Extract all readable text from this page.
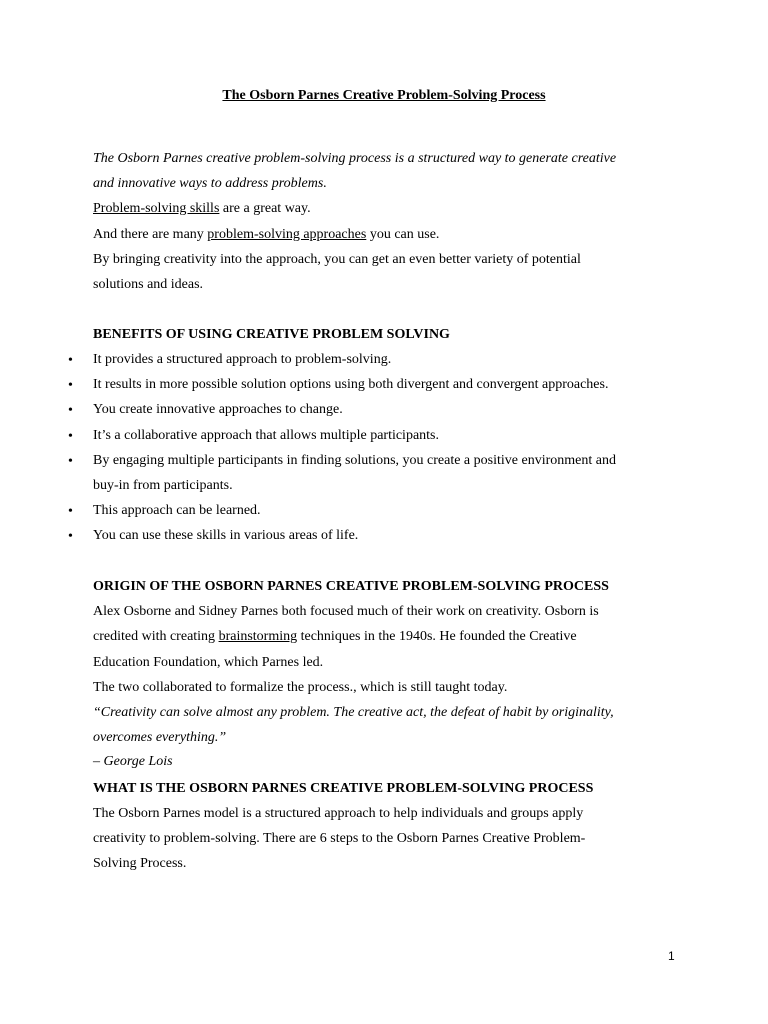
The Osborn Parnes Creative Problem-Solving Process
The Osborn Parnes creative problem-solving process is a structured way to generate creative
and innovative ways to address problems.
Problem-solving skills are a great way.
And there are many problem-solving approaches you can use.
By bringing creativity into the approach, you can get an even better variety of potential
solutions and ideas.
BENEFITS OF USING CREATIVE PROBLEM SOLVING
• It provides a structured approach to problem-solving.
• It results in more possible solution options using both divergent and convergent approaches.
• You create innovative approaches to change.
• It’s a collaborative approach that allows multiple participants.
• By engaging multiple participants in finding solutions, you create a positive environment and
buy-in from participants.
• This approach can be learned.
• You can use these skills in various areas of life.
ORIGIN OF THE OSBORN PARNES CREATIVE PROBLEM-SOLVING PROCESS
Alex Osborne and Sidney Parnes both focused much of their work on creativity. Osborn is
credited with creating brainstorming techniques in the 1940s. He founded the Creative
Education Foundation, which Parnes led.
The two collaborated to formalize the process., which is still taught today.
“Creativity can solve almost any problem. The creative act, the defeat of habit by originality,
overcomes everything.”
– George Lois
WHAT IS THE OSBORN PARNES CREATIVE PROBLEM-SOLVING PROCESS
The Osborn Parnes model is a structured approach to help individuals and groups apply
creativity to problem-solving. There are 6 steps to the Osborn Parnes Creative Problem-
Solving Process.
1
